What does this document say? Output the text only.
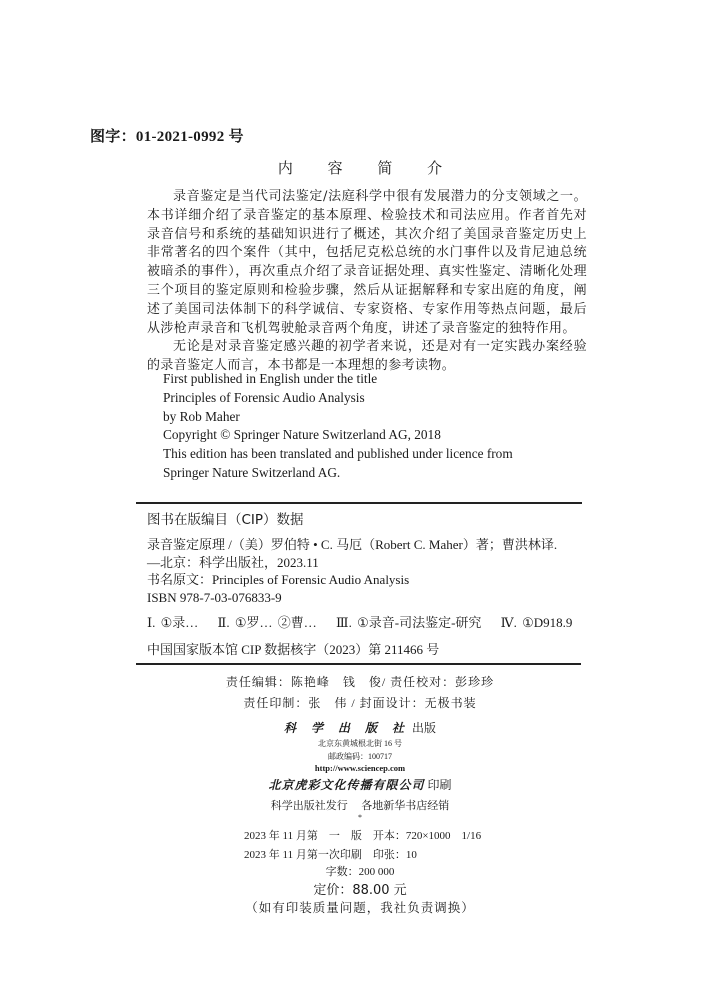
图字：01-2021-0992 号
内 容 简 介
录音鉴定是当代司法鉴定/法庭科学中很有发展潜力的分支领域之一。本书详细介绍了录音鉴定的基本原理、检验技术和司法应用。作者首先对录音信号和系统的基础知识进行了概述，其次介绍了美国录音鉴定历史上非常著名的四个案件（其中，包括尼克松总统的水门事件以及肯尼迪总统被暗杀的事件），再次重点介绍了录音证据处理、真实性鉴定、清晰化处理三个项目的鉴定原则和检验步骤，然后从证据解释和专家出庭的角度，阐述了美国司法体制下的科学诚信、专家资格、专家作用等热点问题，最后从涉枪声录音和飞机驾驶舱录音两个角度，讲述了录音鉴定的独特作用。
无论是对录音鉴定感兴趣的初学者来说，还是对有一定实践办案经验的录音鉴定人而言，本书都是一本理想的参考读物。
First published in English under the title
Principles of Forensic Audio Analysis
by Rob Maher
Copyright © Springer Nature Switzerland AG, 2018
This edition has been translated and published under licence from
Springer Nature Switzerland AG.
图书在版编目（CIP）数据
录音鉴定原理 /（美）罗伯特 • C. 马厄（Robert C. Maher）著；曹洪林译.
—北京：科学出版社，2023.11
书名原文：Principles of Forensic Audio Analysis
ISBN 978-7-03-076833-9
Ⅰ. ①录… Ⅱ. ①罗… ②曹… Ⅲ. ①录音-司法鉴定-研究 Ⅳ. ①D918.9
中国国家版本馆 CIP 数据核字（2023）第 211466 号
责任编辑：陈艳峰　钱　俊/ 责任校对：彭珍珍
责任印制：张　伟 / 封面设计：无极书装
科 学 出 版 社 出版
北京东黄城根北街 16 号
邮政编码：100717
http://www.sciencep.com
北京虎彩文化传播有限公司 印刷
科学出版社发行 各地新华书店经销
*
2023 年 11 月第　一　版　开本：720×1000　1/16
2023 年 11 月第一次印刷　印张：10
字数：200 000
定价：88.00 元
（如有印装质量问题，我社负责调换）
